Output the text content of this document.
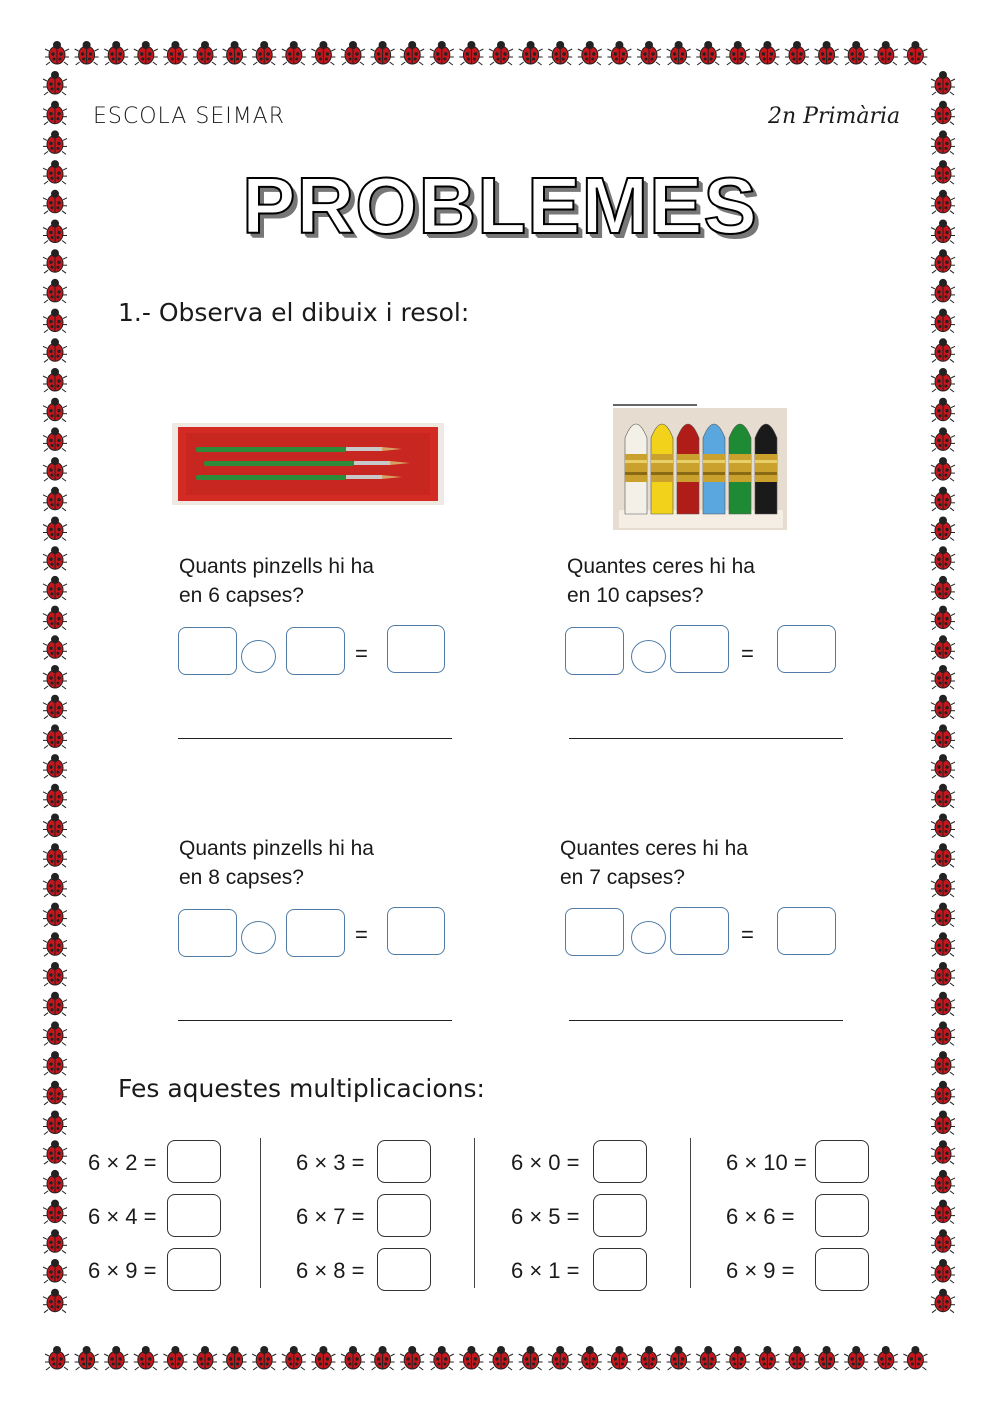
ESCOLA SEIMAR	2n Primària
PROBLEMES
1.- Observa el dibuix i resol:
Quants pinzells hi ha
en 6 capses?
=
Quantes ceres hi ha
en 10 capses?
=
Quants pinzells hi ha
en 8 capses?
=
Quantes ceres hi ha
en 7 capses?
=
Fes aquestes multiplicacions:
6 × 2 =
6 × 4 =
6 × 9 =
6 × 3 =
6 × 7 =
6 × 8 =
6 × 0 =
6 × 5 =
6 × 1 =
6 × 10 =
6 × 6 =
6 × 9 =
